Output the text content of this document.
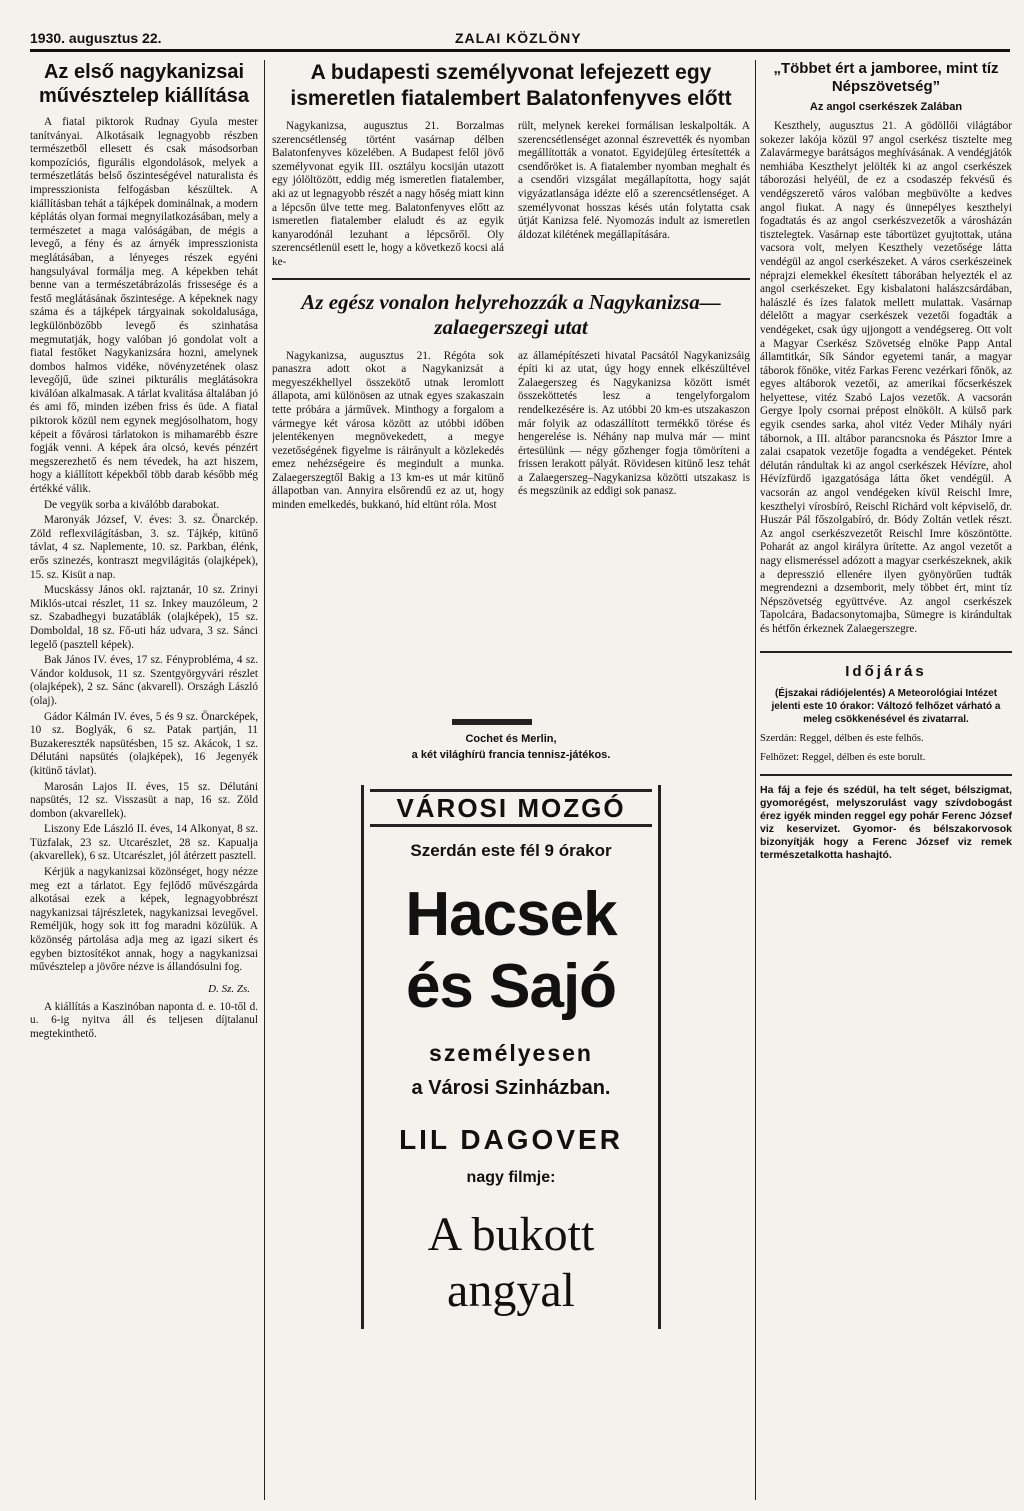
1930. augusztus 22.	ZALAI KÖZLÖNY
Az első nagykanizsai művésztelep kiállítása

A fiatal piktorok Rudnay Gyula mester tanítványai. Alkotásaik legnagyobb részben természetből ellesett és csak másodsorban kompozíciós, figurális elgondolások, melyek a természetlátás belső őszinteségével naturalista és impresszionista felfogásban készültek. A kiállításban tehát a tájképek dominálnak, a modern képlátás olyan formai megnyilatkozásában, mely a természetet a maga valóságában, de mégis a levegő, a fény és az árnyék impresszionista meglátásában, a lényeges részek egyéni hangsulyával formálja meg. A képekben tehát benne van a természetábrázolás frissesége és a festő meglátásának őszintesége. A képeknek nagy száma és a tájképek tárgyainak sokoldalusága, legkülönbözőbb levegő és szinhatása megmutatják, hogy valóban jó gondolat volt a fiatal festőket Nagykanizsára hozni, amelynek dombos halmos vidéke, növényzetének olasz levegőjű, üde szinei pikturális meglátásokra kiválóan alkalmasak. A tárlat kvalitása általában jó és ami fő, minden izében friss és üde. A fiatal piktorok közül nem egynek megjósolhatom, hogy képeit a fővárosi tárlatokon is mihamarébb észre fogják venni. A képek ára olcsó, kevés pénzért megszerezhető és nem tévedek, ha azt hiszem, hogy a kiállított képekből több darab később még értékké válik.

De vegyük sorba a kiválóbb darabokat.

Maronyák József, V. éves: 3. sz. Önarckép. Zöld reflexvilágításban, 3. sz. Tájkép, kitünő távlat, 4 sz. Naplemente, 10. sz. Parkban, élénk, erős szinezés, kontraszt megvilágitás (olajképek), 15. sz. Kisüt a nap.

Mucskássy János okl. rajztanár, 10 sz. Zrinyi Miklós-utcai részlet, 11 sz. Inkey mauzóleum, 2 sz. Szabadhegyi buzatáblák (olajképek), 15 sz. Domboldal, 18 sz. Fő-uti ház udvara, 3 sz. Sánci legelő (pasztell képek).

Bak János IV. éves, 17 sz. Fényprobléma, 4 sz. Vándor koldusok, 11 sz. Szentgyörgyvári részlet (olajképek), 2 sz. Sánc (akvarell). Országh László (olaj).

Gádor Kálmán IV. éves, 5 és 9 sz. Önarcképek, 10 sz. Boglyák, 6 sz. Patak partján, 11 Buzakereszték napsütésben, 15 sz. Akácok, 1 sz. Délutáni napsütés (olajképek), 16 Jegenyék (kitünő távlat).

Marosán Lajos II. éves, 15 sz. Délutáni napsütés, 12 sz. Visszasüt a nap, 16 sz. Zöld dombon (akvarellek).

Liszony Ede László II. éves, 14 Alkonyat, 8 sz. Tüzfalak, 23 sz. Utcarészlet, 28 sz. Kapualja (akvarellek), 6 sz. Utcarészlet, jól átérzett pasztell.

Kérjük a nagykanizsai közönséget, hogy nézze meg ezt a tárlatot. Egy fejlődő művészgárda alkotásai ezek a képek, legnagyobbrészt nagykanizsai tájrészletek, nagykanizsai levegővel. Reméljük, hogy sok itt fog maradni közülük. A közönség pártolása adja meg az igazi sikert és egyben biztosítékot annak, hogy a nagykanizsai művésztelep a jövőre nézve is állandósulni fog.

D. Sz. Zs.

A kiállítás a Kaszinóban naponta d. e. 10-től d. u. 6-ig nyitva áll és teljesen díjtalanul megtekinthető.

A budapesti személyvonat lefejezett egy ismeretlen fiatalembert Balatonfenyves előtt

Nagykanizsa, augusztus 21. Borzalmas szerencsétlenség történt vasárnap délben Balatonfenyves közelében. A Budapest felől jövő személyvonat egyik III. osztályu kocsiján utazott egy jólöltözött, eddig még ismeretlen fiatalember, aki az ut legnagyobb részét a nagy hőség miatt kinn a lépcsőn ülve tette meg. Balatonfenyves előtt az ismeretlen fiatalember elaludt és az egyik kanyarodónál lezuhant a lépcsőről. Oly szerencsétlenül esett le, hogy a következő kocsi alá ke-

rült, melynek kerekei formálisan leskalpolták. A szerencsétlenséget azonnal észrevették és nyomban megállították a vonatot. Egyidejüleg értesítették a csendőröket is. A fiatalember nyomban meghalt és a csendőri vizsgálat megállapította, hogy saját vigyázatlansága idézte elő a szerencsétlenséget. A személyvonat hosszas késés után folytatta csak útját Kanizsa felé. Nyomozás indult az ismeretlen áldozat kilétének megállapítására.

Az egész vonalon helyrehozzák a Nagykanizsa—zalaegerszegi utat

Nagykanizsa, augusztus 21. Régóta sok panaszra adott okot a Nagykanizsát a megyeszékhellyel összekötő utnak leromlott állapota, ami különösen az utnak egyes szakaszain tette próbára a járművek. Minthogy a forgalom a vármegye két városa között az utóbbi időben jelentékenyen megnövekedett, a megye vezetőségének figyelme is ráirányult a közlekedés emez nehézségeire és megindult a munka. Zalaegerszegtől Bakig a 13 km-es ut már kitünő állapotban van. Annyira elsőrendű ez az ut, hogy minden emelkedés, bukkanó, híd eltünt róla. Most

az államépítészeti hivatal Pacsától Nagykanizsáig építi ki az utat, úgy hogy ennek elkészültével Zalaegerszeg és Nagykanizsa között ismét összeköttetés lesz a tengelyforgalom rendelkezésére is. Az utóbbi 20 km-es utszakaszon már folyik az odaszállított termékkő törése és hengerelése is. Néhány nap mulva már — mint értesülünk — négy gőzhenger fogja tömöríteni a frissen lerakott pályát. Rövidesen kitünő lesz tehát a Zalaegerszeg–Nagykanizsa közötti utszakasz is és megszünik az eddigi sok panasz.

Cochet és Merlin,

a két világhírü francia tennisz-játékos.

VÁROSI MOZGÓ
Szerdán este fél 9 órakor
Hacsek és Sajó
személyesen
a Városi Szinházban.
LIL DAGOVER
nagy filmje:
A bukott angyal
„Többet ért a jamboree, mint tíz Népszövetség”

Az angol cserkészek Zalában

Keszthely, augusztus 21. A gödöllői világtábor sokezer lakója közül 97 angol cserkész tisztelte meg Zalavármegye barátságos meghívásának. A vendégjátók nemhiába Keszthelyt jelölték ki az angol cserkészek táborozási helyéül, de ez a csodaszép fekvésű és vendégszerető város valóban megbüvölte a kedves angol fiukat. A nagy és ünnepélyes keszthelyi fogadtatás és az angol cserkészvezetők a városházán tisztelegtek. Vasárnap este tábortüzet gyujtottak, utána vacsora volt, melyen Keszthely vezetősége látta vendégül az angol cserkészeket. A város cserkészeinek néprajzi elemekkel ékesített táborában helyezték el az angol cserkészeket. Egy kisbalatoni halászcsárdában, halászlé és ízes falatok mellett mulattak. Vasárnap délelőtt a magyar cserkészek vezetői fogadták a vendégeket, csak úgy ujjongott a vendégsereg. Ott volt a Magyar Cserkész Szövetség elnöke Papp Antal államtitkár, Sík Sándor egyetemi tanár, a magyar táborok főnöke, vitéz Farkas Ferenc vezérkari főnök, az egyes altáborok vezetői, az amerikai főcserkészek helyettese, vitéz Szabó Lajos vezetők. A vacsorán Gergye Ipoly csornai prépost elnökölt. A külső park egyik csendes sarka, ahol vitéz Veder Mihály nyári tábornok, a III. altábor parancsnoka és Pásztor Imre a zalai csapatok vezetője fogadta a vendégeket. Péntek délután rándultak ki az angol cserkészek Hévízre, ahol Hévízfürdő igazgatósága látta őket vendégül. A vacsorán az angol vendégeken kívül Reischl Imre, keszthelyi vírosbíró, Reischl Richárd volt képviselő, dr. Huszár Pál főszolgabíró, dr. Bódy Zoltán vetlek részt. Az angol cserkészvezetőt Reischl Imre köszöntötte. Poharát az angol királyra ürítette. Az angol vezetőt a nagy elismeréssel adózott a magyar cserkészeknek, akik a depresszió ellenére ilyen gyönyörűen tudták megrendezni a dzsemborit, mely többet ért, mint tíz Népszövetség együttvéve. Az angol cserkészek Tapolcára, Badacsonytomajba, Sümegre is kirándultak és hétfőn érkeznek Zalaegerszegre.

Időjárás

(Éjszakai rádiójelentés) A Meteorológiai Intézet jelenti este 10 órakor: Változó felhőzet várható a meleg csökkenésével és zivatarral.

Szerdán: Reggel, délben és este felhős.

Felhőzet: Reggel, délben és este borult.

Ha fáj a feje és szédül, ha telt séget, bélszigmat, gyomorégést, melyszorulást vagy szívdobogást érez igyék minden reggel egy pohár Ferenc József viz keservizet. Gyomor- és bélszakorvosok bizonyítják hogy a Ferenc József viz remek természetalkotta hashajtó.
